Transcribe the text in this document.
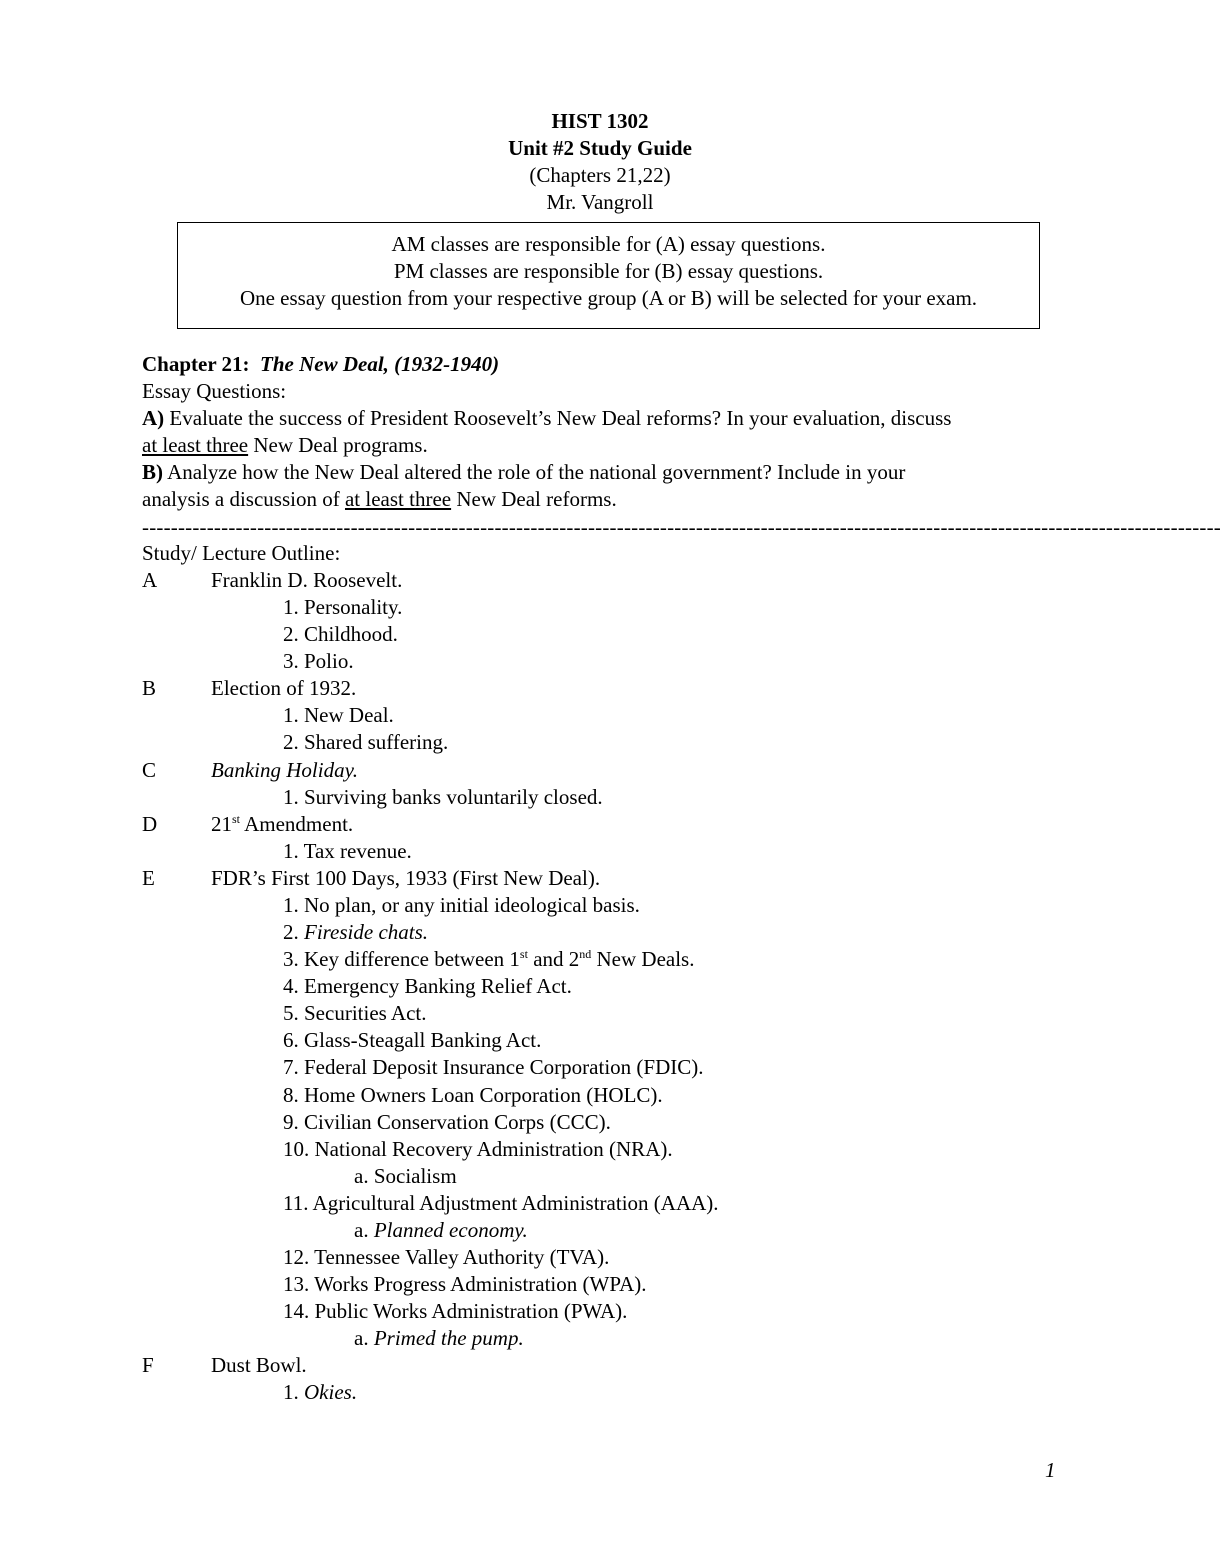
HIST 1302
Unit #2 Study Guide
(Chapters 21,22)
Mr. Vangroll
AM classes are responsible for (A) essay questions.
PM classes are responsible for (B) essay questions.
One essay question from your respective group (A or B) will be selected for your exam.
Chapter 21: The New Deal, (1932-1940)
Essay Questions:
A) Evaluate the success of President Roosevelt’s New Deal reforms? In your evaluation, discuss
at least three New Deal programs.
B) Analyze how the New Deal altered the role of the national government? Include in your
analysis a discussion of at least three New Deal reforms.
------------------------------------------------------------------------------------------------------------------------------------------------------
Study/ Lecture Outline:
A	Franklin D. Roosevelt.
1. Personality.
2. Childhood.
3. Polio.
B	Election of 1932.
1. New Deal.
2. Shared suffering.
C	Banking Holiday.
1. Surviving banks voluntarily closed.
D	21st Amendment.
1. Tax revenue.
E	FDR’s First 100 Days, 1933 (First New Deal).
1. No plan, or any initial ideological basis.
2. Fireside chats.
3. Key difference between 1st and 2nd New Deals.
4. Emergency Banking Relief Act.
5. Securities Act.
6. Glass-Steagall Banking Act.
7. Federal Deposit Insurance Corporation (FDIC).
8. Home Owners Loan Corporation (HOLC).
9. Civilian Conservation Corps (CCC).
10. National Recovery Administration (NRA).
a. Socialism
11. Agricultural Adjustment Administration (AAA).
a. Planned economy.
12. Tennessee Valley Authority (TVA).
13. Works Progress Administration (WPA).
14. Public Works Administration (PWA).
a. Primed the pump.
F	Dust Bowl.
1. Okies.
1
